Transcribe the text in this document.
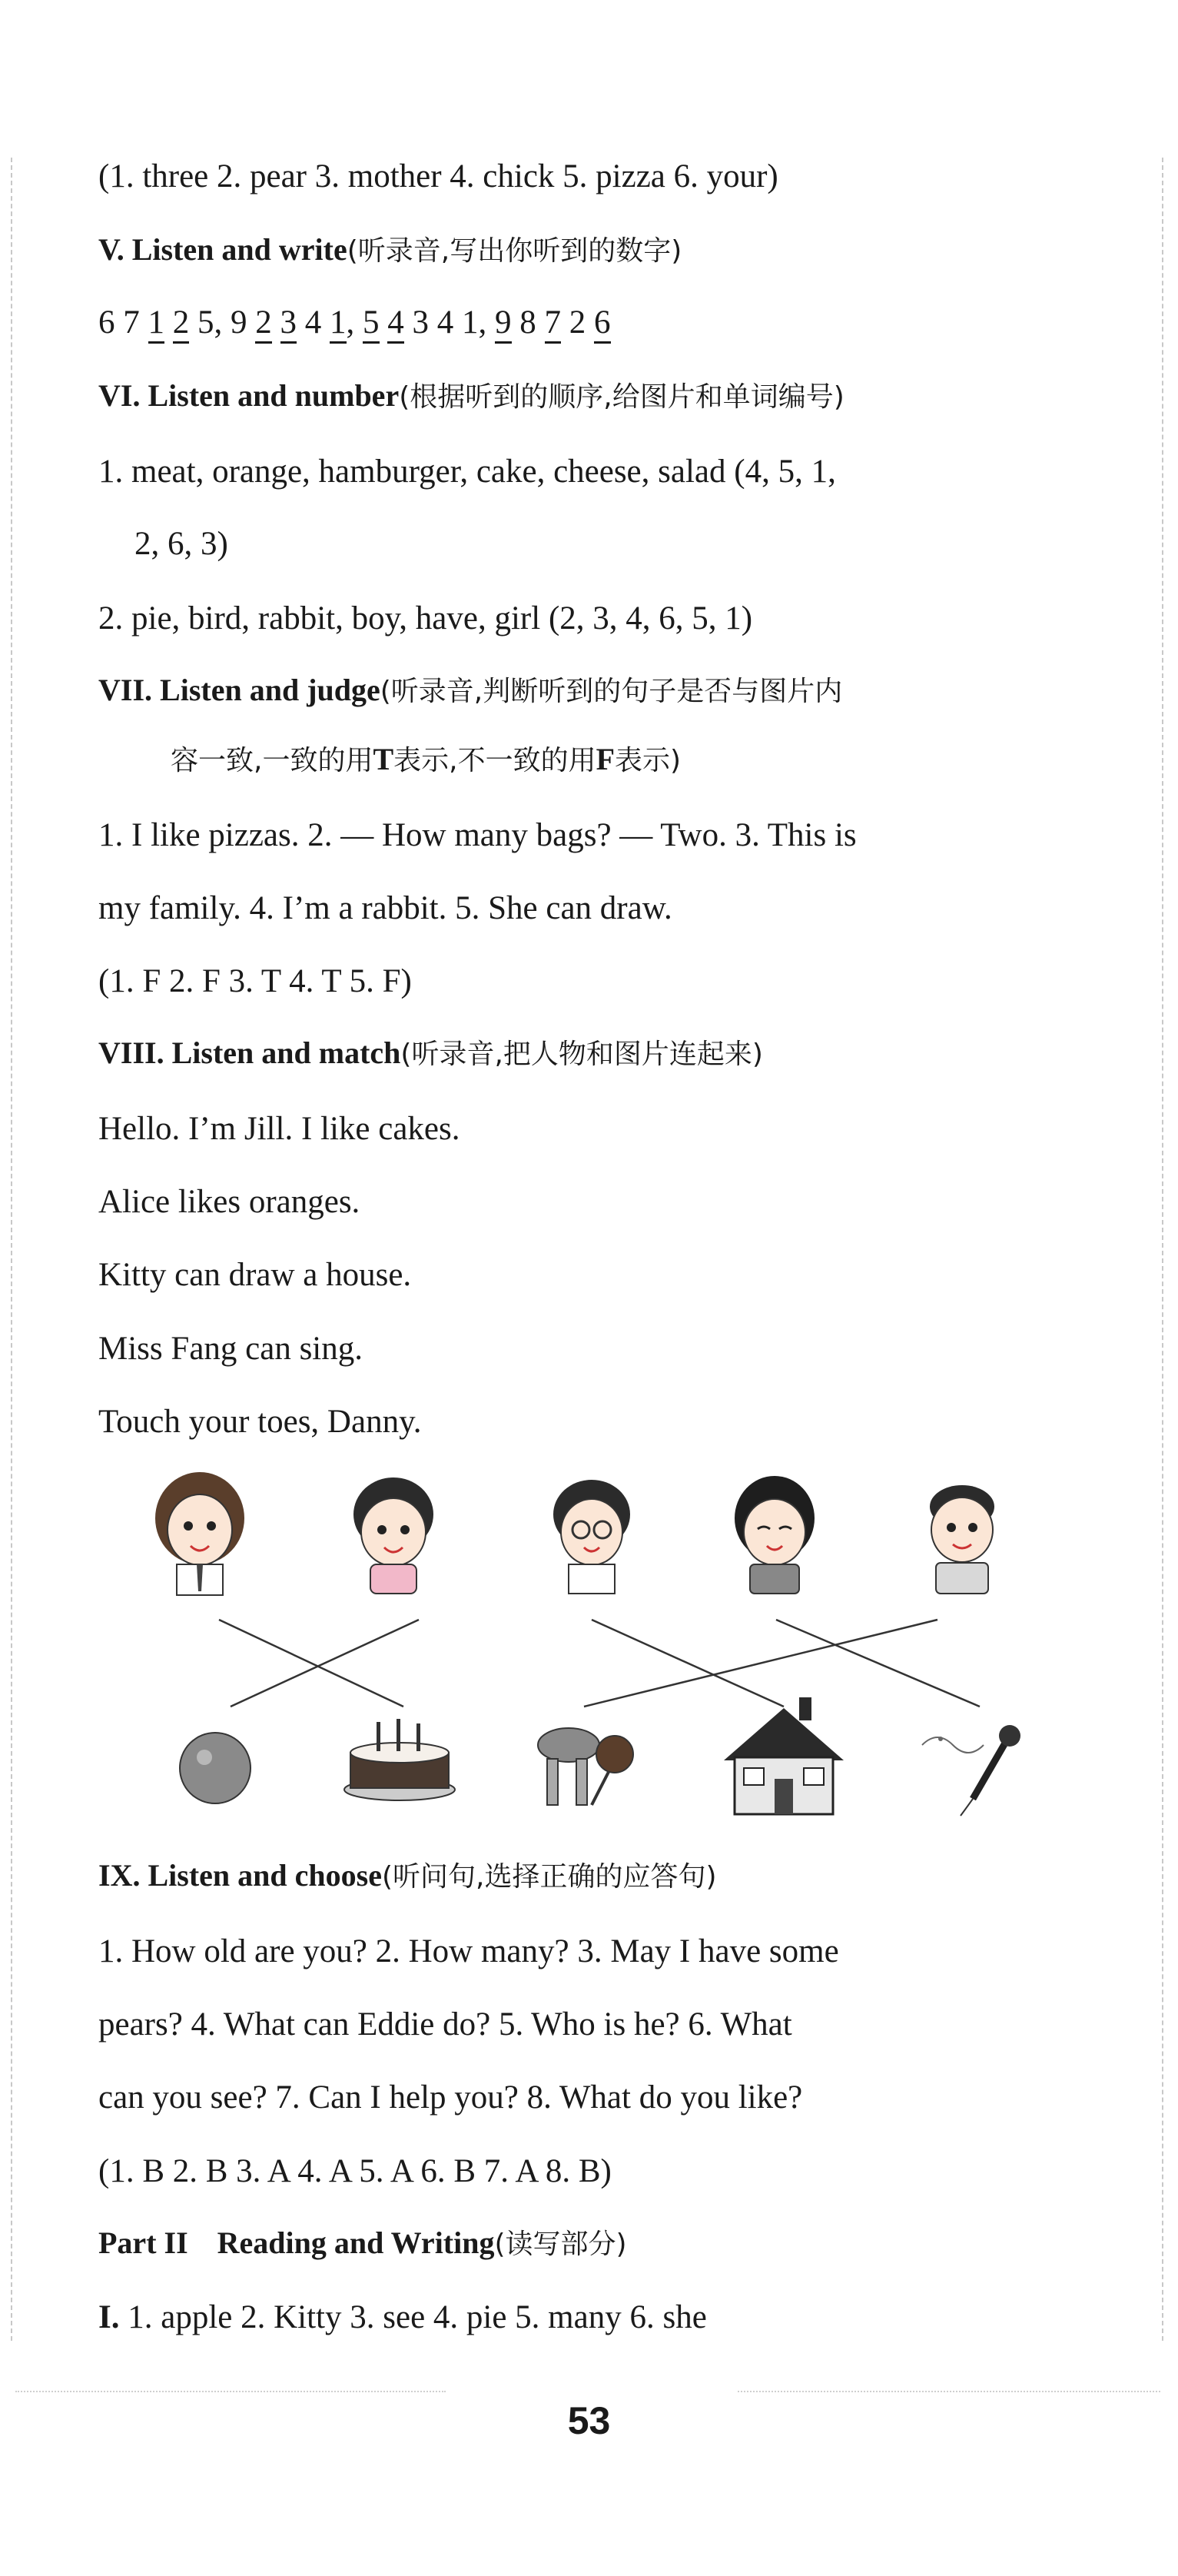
(1. three 2. pear 3. mother 4. chick 5. pizza 6. your)
V. Listen and write(听录音,写出你听到的数字)
6 7 1 2 5, 9 2 3 4 1, 5 4 3 4 1, 9 8 7 2 6
VI. Listen and number(根据听到的顺序,给图片和单词编号)
1. meat, orange, hamburger, cake, cheese, salad (4, 5, 1,
2, 6, 3)
2. pie, bird, rabbit, boy, have, girl (2, 3, 4, 6, 5, 1)
VII. Listen and judge(听录音,判断听到的句子是否与图片内
容一致,一致的用T表示,不一致的用F表示)
1. I like pizzas. 2. — How many bags? — Two. 3. This is
my family. 4. I’m a rabbit. 5. She can draw.
(1. F 2. F 3. T 4. T 5. F)
VIII. Listen and match(听录音,把人物和图片连起来)
Hello. I’m Jill. I like cakes.
Alice likes oranges.
Kitty can draw a house.
Miss Fang can sing.
Touch your toes, Danny.
IX. Listen and choose(听问句,选择正确的应答句)
1. How old are you? 2. How many? 3. May I have some
pears? 4. What can Eddie do? 5. Who is he? 6. What
can you see? 7. Can I help you? 8. What do you like?
(1. B 2. B 3. A 4. A 5. A 6. B 7. A 8. B)
Part II Reading and Writing(读写部分)
I. 1. apple 2. Kitty 3. see 4. pie 5. many 6. she
53
